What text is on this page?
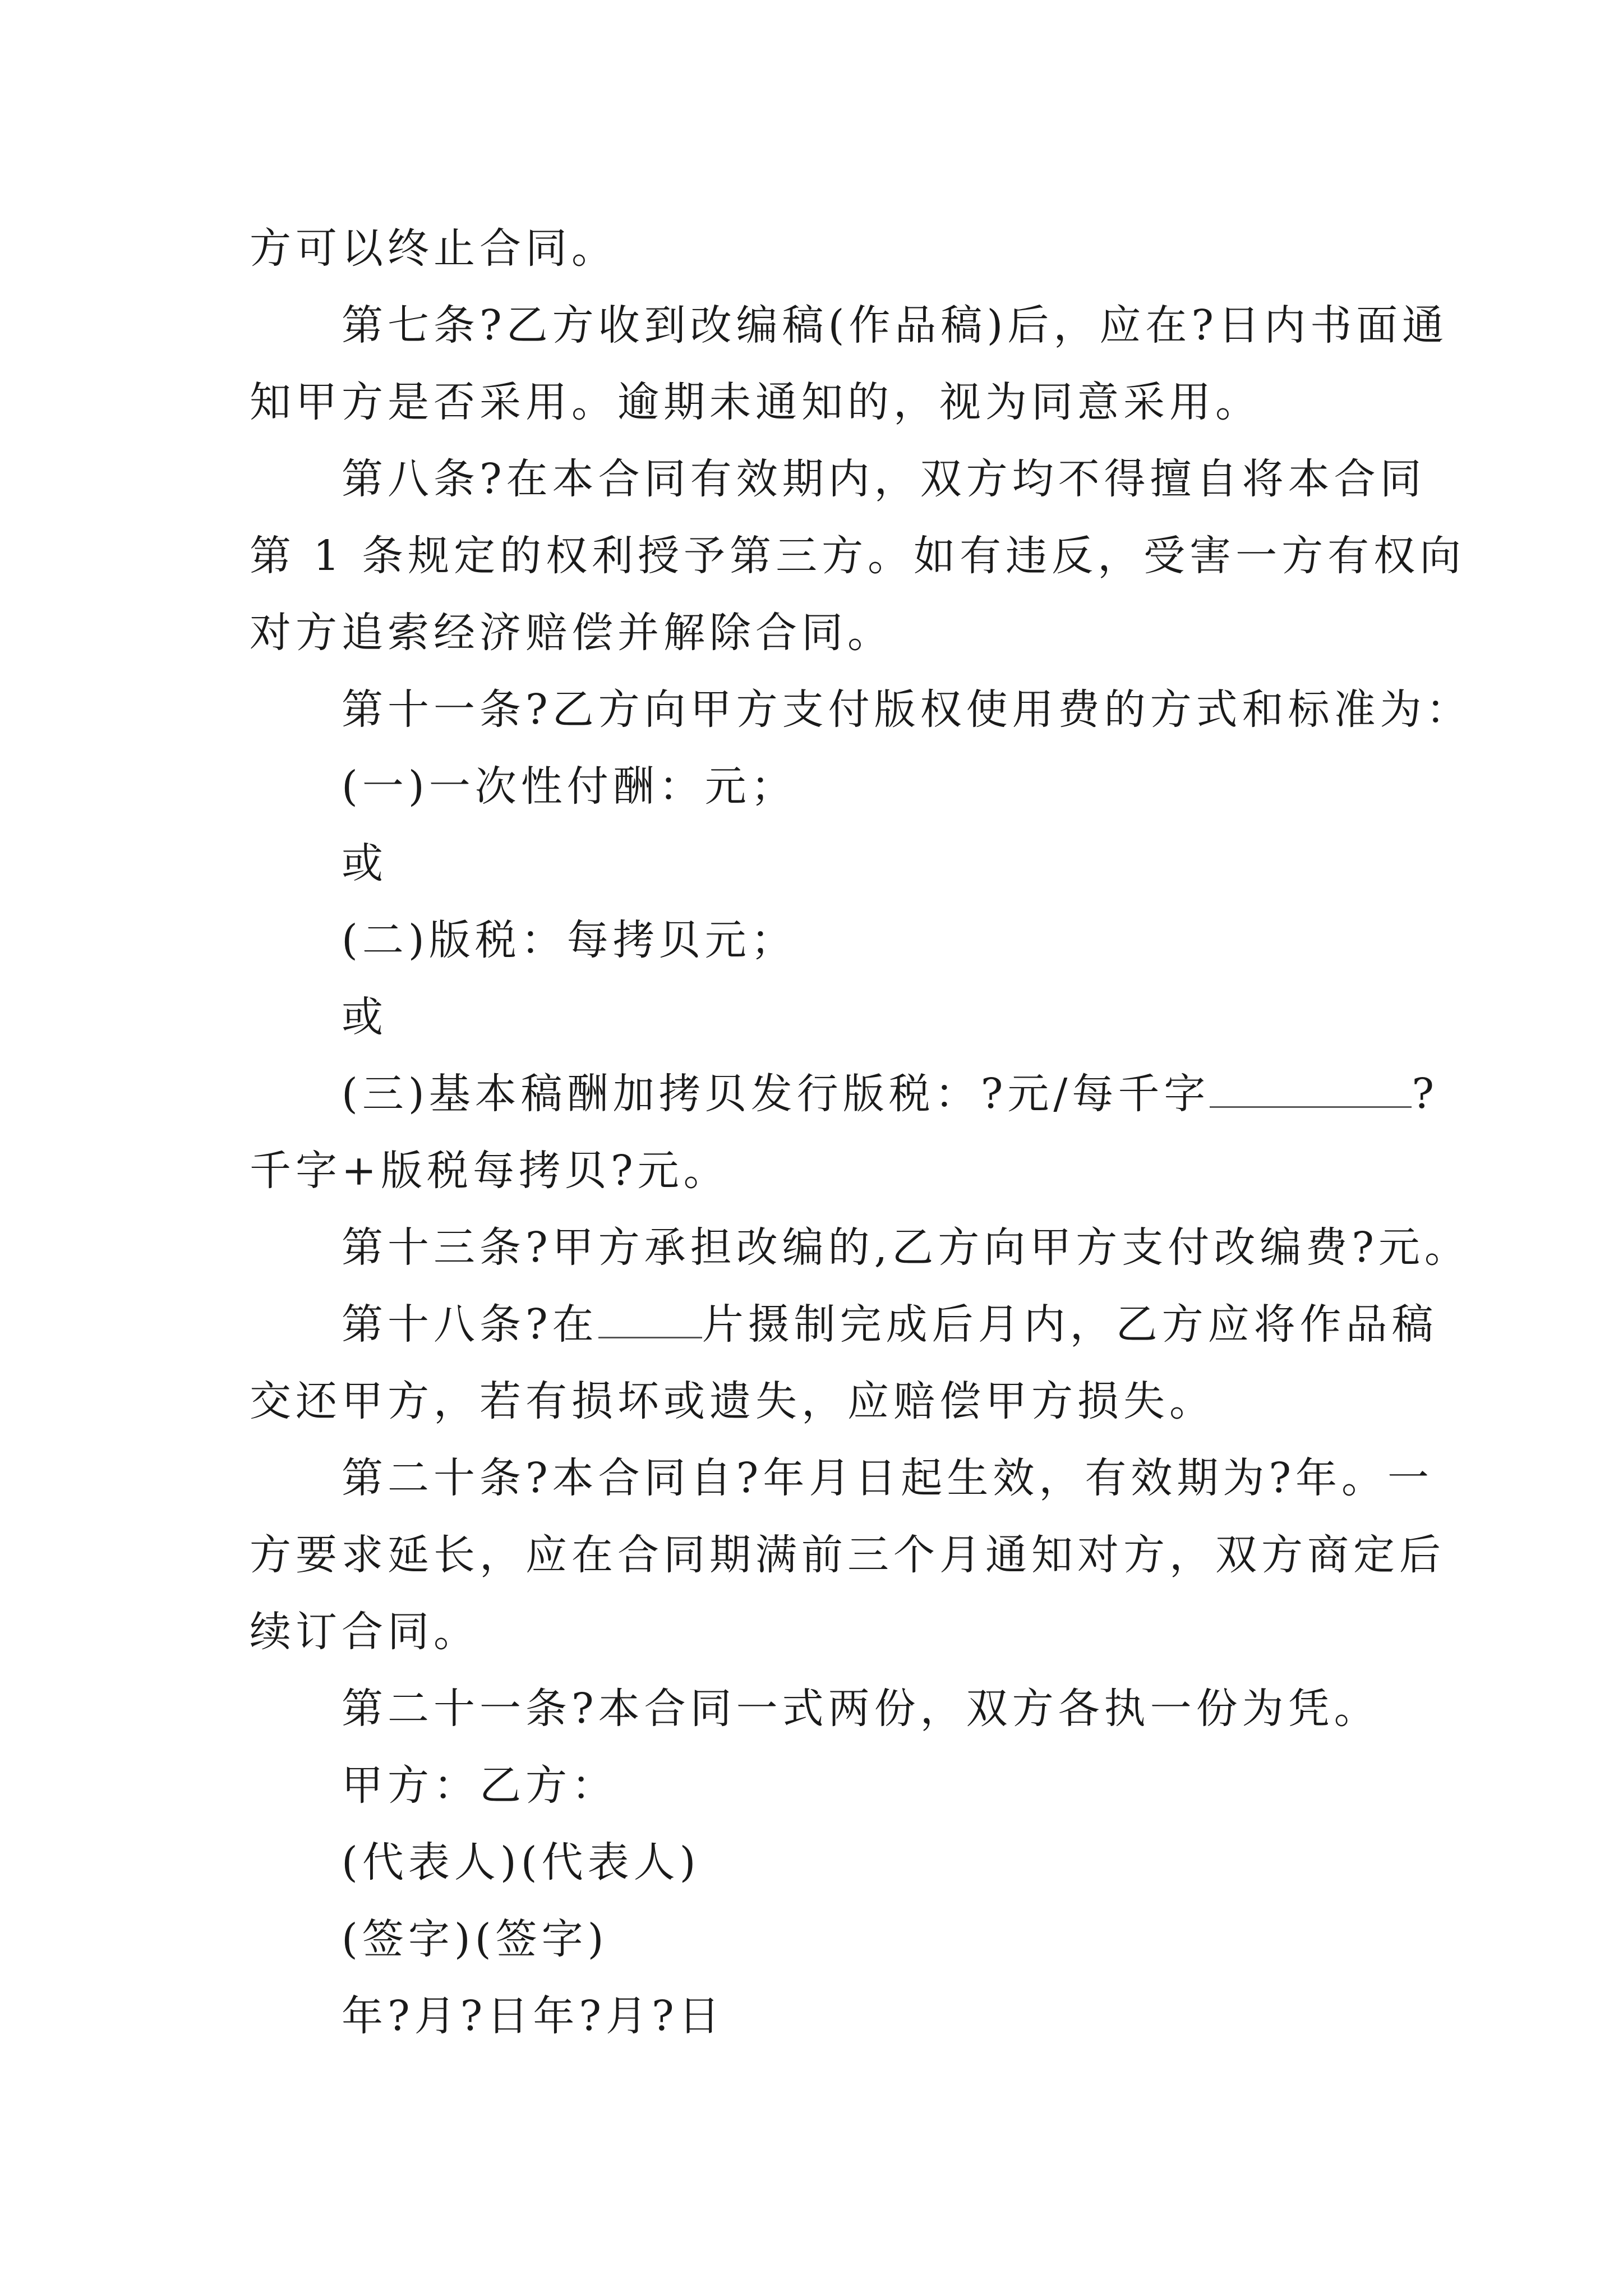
方可以终止合同。
第七条?乙方收到改编稿(作品稿)后，应在?日内书面通
知甲方是否采用。逾期未通知的，视为同意采用。
第八条?在本合同有效期内，双方均不得擅自将本合同
第 1 条规定的权利授予第三方。如有违反，受害一方有权向
对方追索经济赔偿并解除合同。
第十一条?乙方向甲方支付版权使用费的方式和标准为：
(一)一次性付酬：元；
或
(二)版税：每拷贝元；
或
(三)基本稿酬加拷贝发行版税：?元/每千字	?
千字+版税每拷贝?元。
第十三条?甲方承担改编的,乙方向甲方支付改编费?元。
第十八条?在	片摄制完成后月内，乙方应将作品稿
交还甲方，若有损坏或遗失，应赔偿甲方损失。
第二十条?本合同自?年月日起生效，有效期为?年。一
方要求延长，应在合同期满前三个月通知对方，双方商定后
续订合同。
第二十一条?本合同一式两份，双方各执一份为凭。
甲方：乙方：
(代表人)(代表人)
(签字)(签字)
年?月?日年?月?日
